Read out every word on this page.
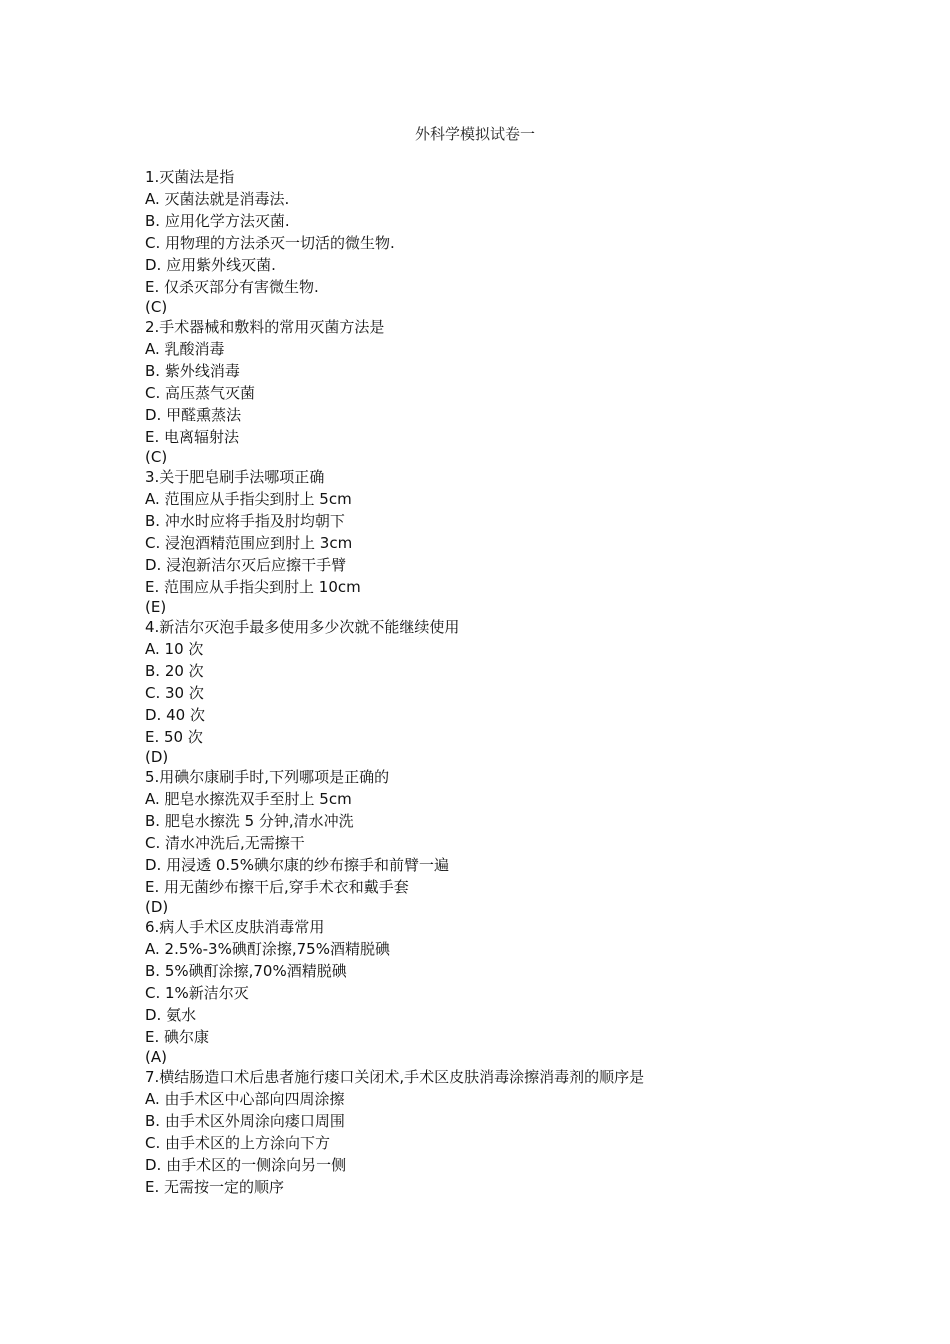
外科学模拟试卷一
1.灭菌法是指
A. 灭菌法就是消毒法.
B. 应用化学方法灭菌.
C. 用物理的方法杀灭一切活的微生物.
D. 应用紫外线灭菌.
E. 仅杀灭部分有害微生物.
(C)
2.手术器械和敷料的常用灭菌方法是
A. 乳酸消毒
B. 紫外线消毒
C. 高压蒸气灭菌
D. 甲醛熏蒸法
E. 电离辐射法
(C)
3.关于肥皂刷手法哪项正确
A. 范围应从手指尖到肘上 5cm
B. 冲水时应将手指及肘均朝下
C. 浸泡酒精范围应到肘上 3cm
D. 浸泡新洁尔灭后应擦干手臂
E. 范围应从手指尖到肘上 10cm
(E)
4.新洁尔灭泡手最多使用多少次就不能继续使用
A. 10 次
B. 20 次
C. 30 次
D. 40 次
E. 50 次
(D)
5.用碘尔康刷手时,下列哪项是正确的
A. 肥皂水擦洗双手至肘上 5cm
B. 肥皂水擦洗 5 分钟,清水冲洗
C. 清水冲洗后,无需擦干
D. 用浸透 0.5%碘尔康的纱布擦手和前臂一遍
E. 用无菌纱布擦干后,穿手术衣和戴手套
(D)
6.病人手术区皮肤消毒常用
A. 2.5%-3%碘酊涂擦,75%酒精脱碘
B. 5%碘酊涂擦,70%酒精脱碘
C. 1%新洁尔灭
D. 氨水
E. 碘尔康
(A)
7.横结肠造口术后患者施行瘘口关闭术,手术区皮肤消毒涂擦消毒剂的顺序是
A. 由手术区中心部向四周涂擦
B. 由手术区外周涂向瘘口周围
C. 由手术区的上方涂向下方
D. 由手术区的一侧涂向另一侧
E. 无需按一定的顺序
